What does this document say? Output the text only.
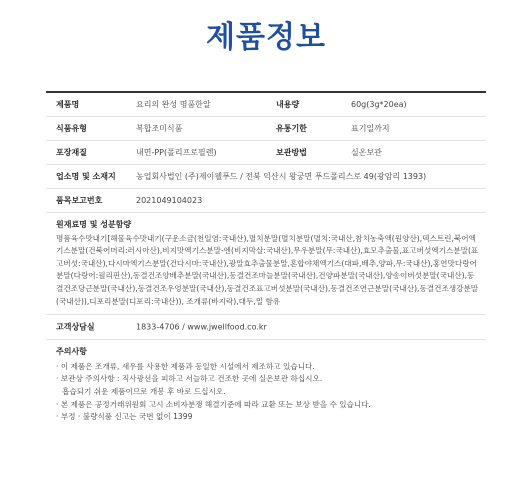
제품정보
제품명	요리의 완성 명품한알	내용량	60g(3g*20ea)
식품유형	복합조미식품	유통기한	표기일까지
포장재질	내면-PP(폴리프로필렌)	보관방법	실온보관
업소명 및 소재지	농업회사법인 (주)제이웰푸드 / 전북 익산시 왕궁면 푸드폴리스로 49(광암리 1393)
품목보고번호	2021049104023
원재료명 및 성분함량
명품육수맛내기[해물육수맛내기(구운소금(천일염:국내산),멸치분말(멸치분말(멸치:국내산,참치농축액(원양산),덱스트린,북어엑기스분말(건북어머리:러시아산),비지맛엑기스분말-엔(비지막살:국내산),무우분말(무:국내산),효모추출물,표고버섯엑기스분말(표고버섯:국내산),다시마엑기스분말(건다시마:국내산),광말효추출물분말,혼합야채엑기스(대파,배추,양파,무:국내산),홍연맛다랑어분말(다랑어:필리핀산),동결건조양배추분말(국내산),동결건조마늘분말(국내산),건양파분말(국내산),양송이버섯분말(국내산),동결건조당근분말(국내산),동결건조우엉분말(국내산),동결건조표고버섯분말(국내산),동결건조연근분말(국내산),동결건조생강분말(국내산)),디포리분말(디포리:국내산)), 조개류(바지락),대두,밀 함유
고객상담실	1833-4706 / www.jwellfood.co.kr
주의사항
· 이 제품은 조개류, 새우를 사용한 제품과 동일한 시설에서 제조하고 있습니다.
· 보관상 주의사항 : 직사광선을 피하고 서늘하고 건조한 곳에 실온보관 하십시오.
흡습되기 쉬운 제품이므로 개봉 후 바로 드십시오.
· 본 제품은 공정거래위원회 고시 소비자분쟁 해결기준에 따라 교환 또는 보상 받을 수 있습니다.
· 부정 · 불량식품 신고는 국번 없이 1399
